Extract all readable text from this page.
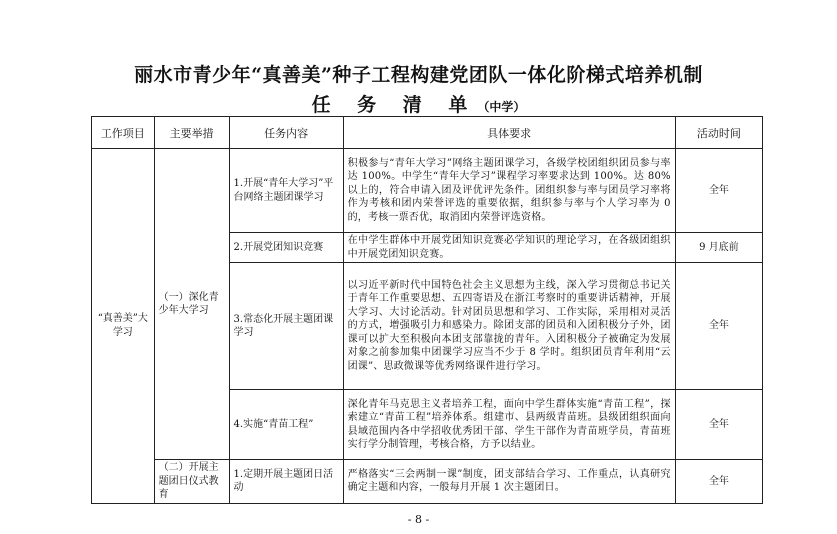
丽水市青少年“真善美”种子工程构建党团队一体化阶梯式培养机制
任 务 清 单（中学）
工作项目	主要举措	任务内容	具体要求	活动时间
“真善美”大学习	（一）深化青少年大学习	1.开展“青年大学习”平台网络主题团课学习	积极参与“青年大学习”网络主题团课学习，各级学校团组织团员参与率达 100%。中学生“青年大学习”课程学习率要求达到 100%。达 80%以上的，符合申请入团及评优评先条件。团组织参与率与团员学习率将作为考核和团内荣誉评选的重要依据，组织参与率与个人学习率为 0 的，考核一票否优，取消团内荣誉评选资格。	全年
		2.开展党团知识竞赛	在中学生群体中开展党团知识竞赛必学知识的理论学习，在各级团组织中开展党团知识竞赛。	9 月底前
		3.常态化开展主题团课学习	以习近平新时代中国特色社会主义思想为主线，深入学习贯彻总书记关于青年工作重要思想、五四寄语及在浙江考察时的重要讲话精神，开展大学习、大讨论活动。针对团员思想和学习、工作实际，采用相对灵活的方式，增强吸引力和感染力。除团支部的团员和入团积极分子外，团课可以扩大至积极向本团支部靠拢的青年。入团积极分子被确定为发展对象之前参加集中团课学习应当不少于 8 学时。组织团员青年利用“云团课”、思政微课等优秀网络课件进行学习。	全年
		4.实施“青苗工程”	深化青年马克思主义者培养工程，面向中学生群体实施“青苗工程”，探索建立“青苗工程”培养体系。组建市、县两级青苗班。县级团组织面向县域范围内各中学招收优秀团干部、学生干部作为青苗班学员，青苗班实行学分制管理，考核合格，方予以结业。	全年
	（二）开展主题团日仪式教育	1.定期开展主题团日活动	严格落实“三会两制一课”制度，团支部结合学习、工作重点，认真研究确定主题和内容，一般每月开展 1 次主题团日。	全年
- 8 -
